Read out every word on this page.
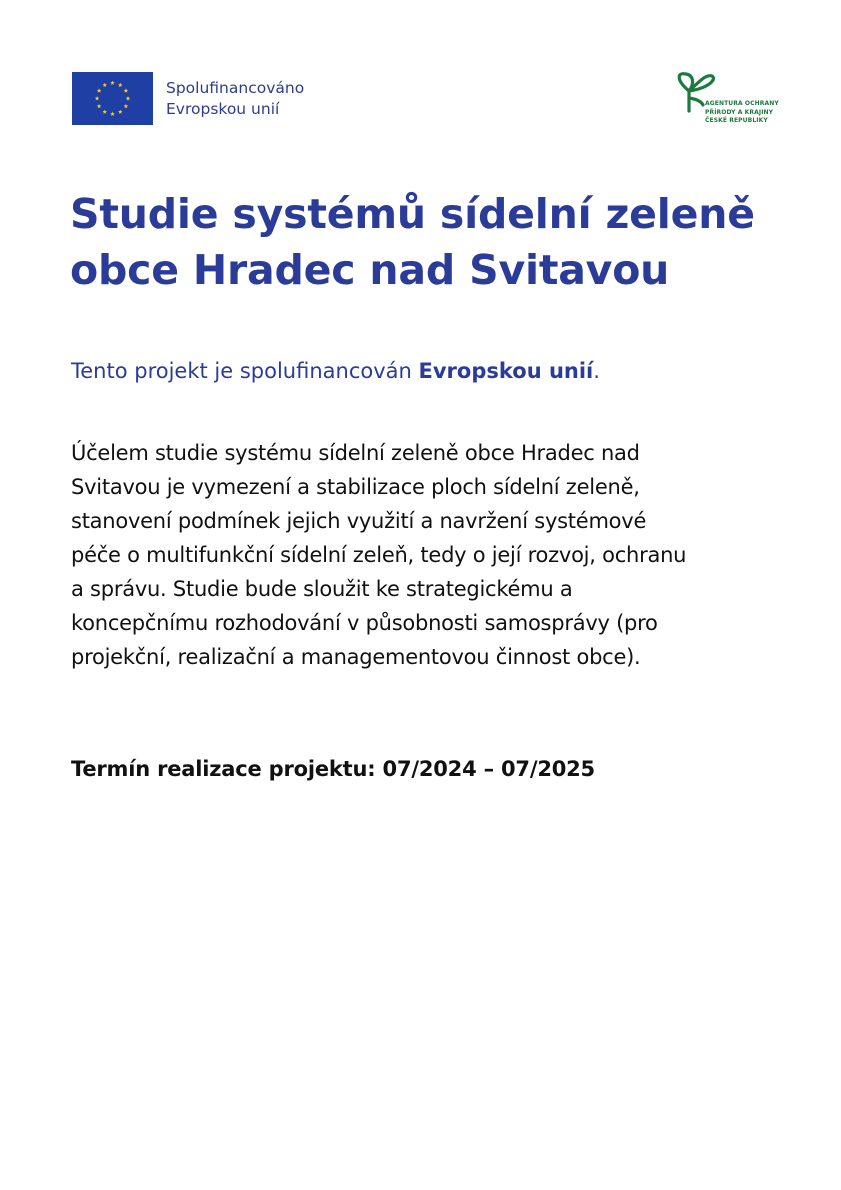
Spolufinancováno
Evropskou unií	AGENTURA OCHRANY
PŘÍRODY A KRAJINY
ČESKÉ REPUBLIKY
Studie systémů sídelní zeleně
obce Hradec nad Svitavou

Tento projekt je spolufinancován Evropskou unií.

Účelem studie systému sídelní zeleně obce Hradec nad
Svitavou je vymezení a stabilizace ploch sídelní zeleně,
stanovení podmínek jejich využití a navržení systémové
péče o multifunkční sídelní zeleň, tedy o její rozvoj, ochranu
a správu. Studie bude sloužit ke strategickému a
koncepčnímu rozhodování v působnosti samosprávy (pro
projekční, realizační a managementovou činnost obce).

Termín realizace projektu: 07/2024 – 07/2025
